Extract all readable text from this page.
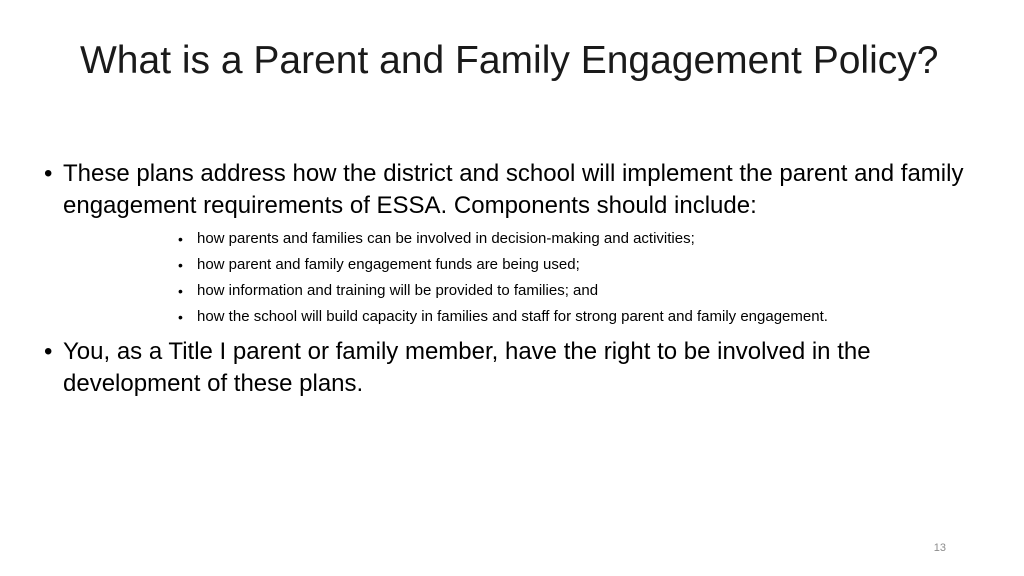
What is a Parent and Family Engagement Policy?
• These plans address how the district and school will implement the parent and family engagement requirements of ESSA. Components should include:
• how parents and families can be involved in decision-making and activities;
• how parent and family engagement funds are being used;
• how information and training will be provided to families; and
• how the school will build capacity in families and staff for strong parent and family engagement.
• You, as a Title I parent or family member, have the right to be involved in the development of these plans.
13
